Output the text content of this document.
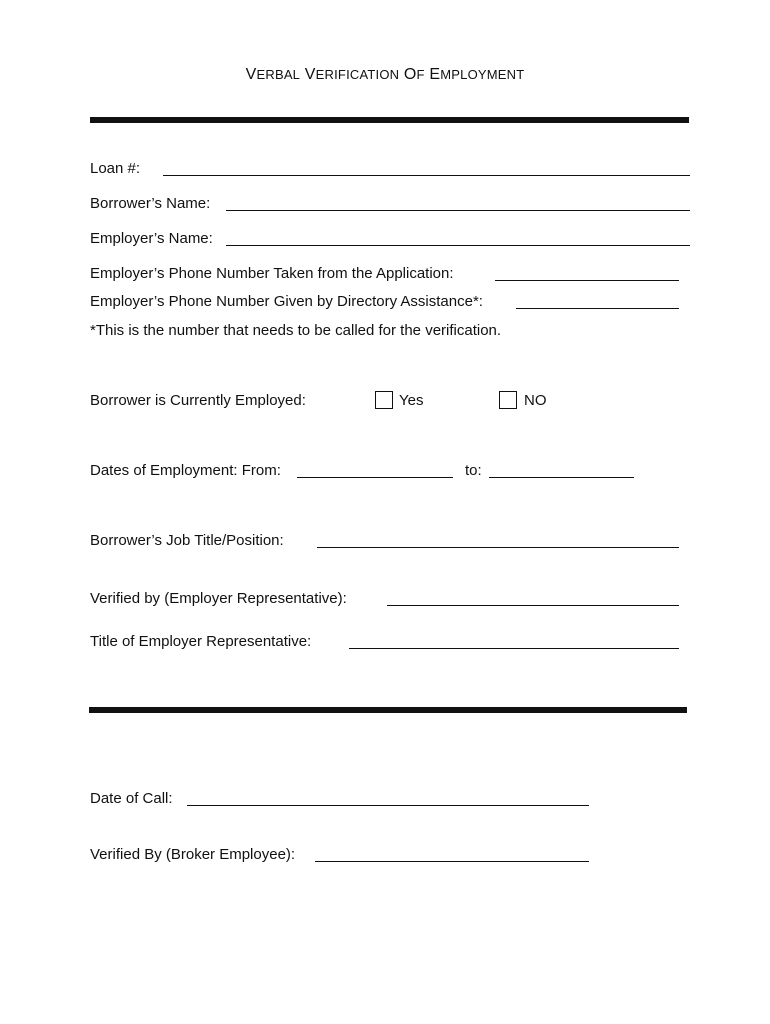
VERBAL VERIFICATION OF EMPLOYMENT
Loan #:
Borrower’s Name:
Employer’s Name:
Employer’s Phone Number Taken from the Application:
Employer’s Phone Number Given by Directory Assistance*:
*This is the number that needs to be called for the verification.
Borrower is Currently Employed:	Yes	NO
Dates of Employment: From:	to:
Borrower’s Job Title/Position:
Verified by (Employer Representative):
Title of Employer Representative:
Date of Call:
Verified By (Broker Employee):
